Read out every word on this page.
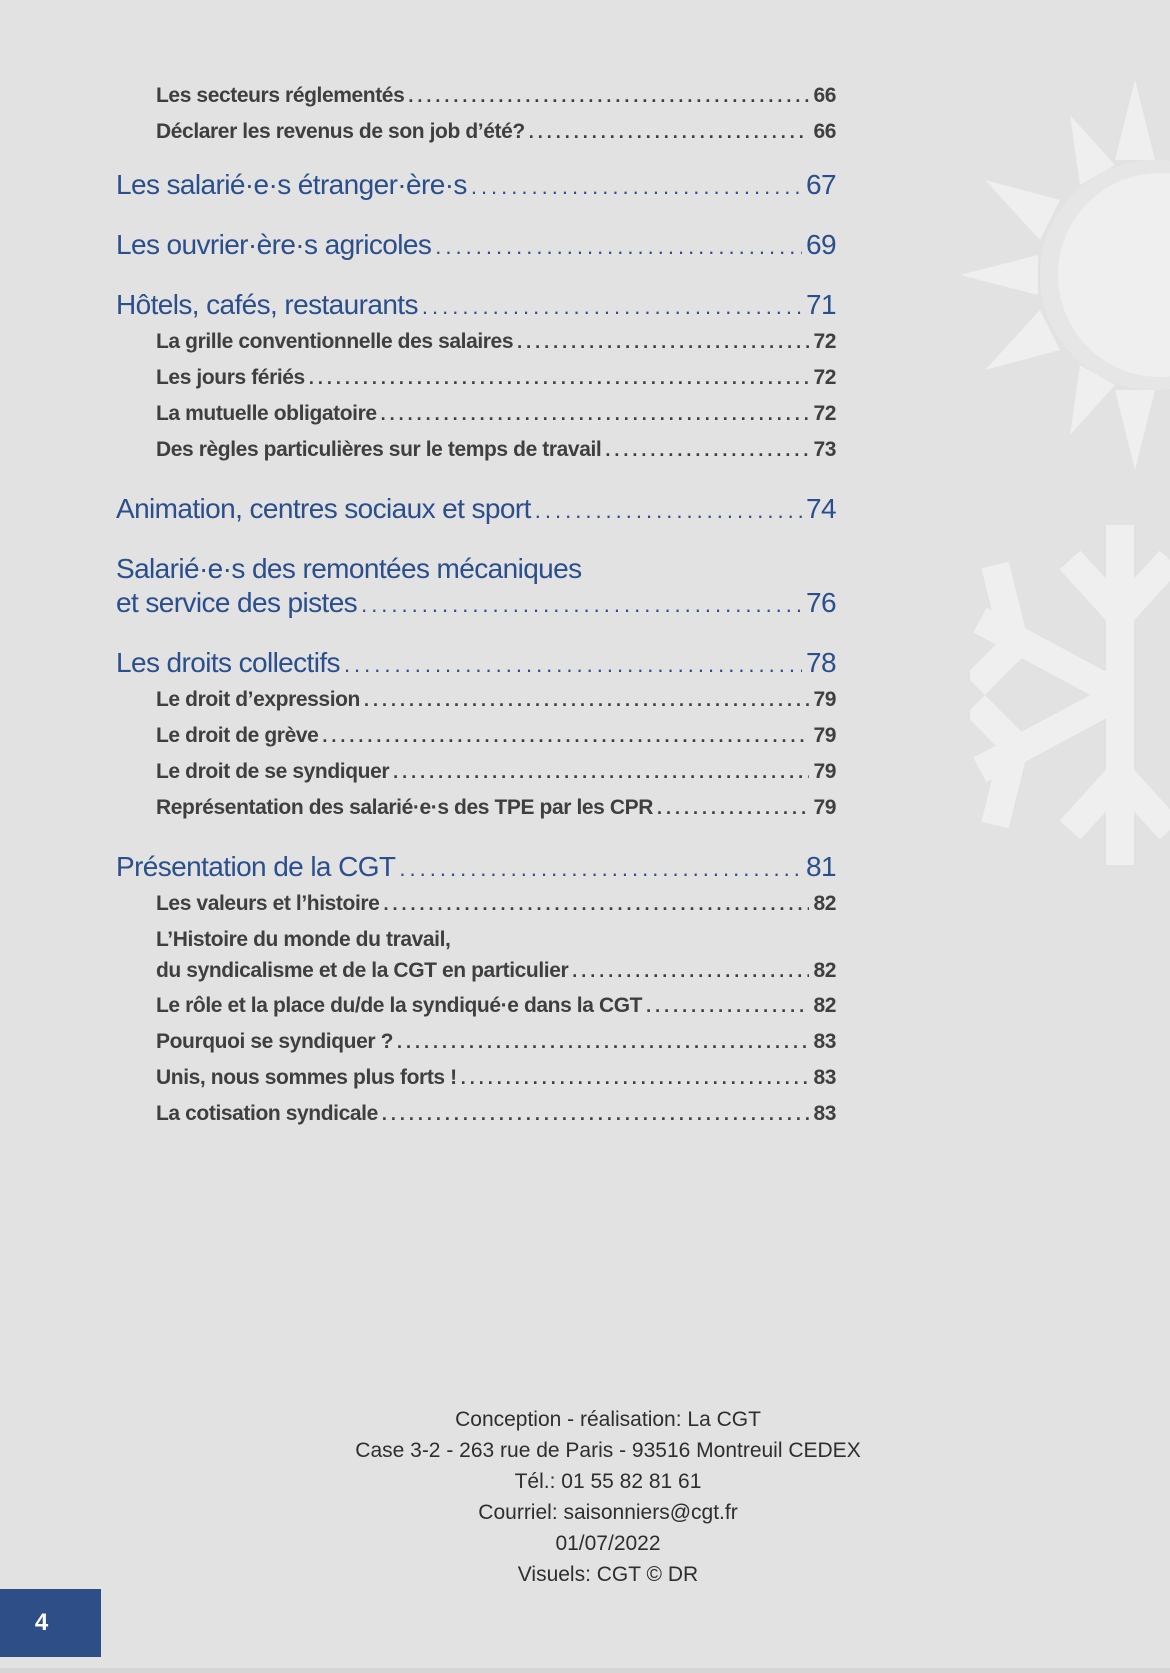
Les secteurs réglementés .....	66
Déclarer les revenus de son job d’été? .....	66
Les salarié·e·s étranger·ère·s .....	67
Les ouvrier·ère·s agricoles .....	69
Hôtels, cafés, restaurants .....	71
La grille conventionnelle des salaires .....	72
Les jours fériés .....	72
La mutuelle obligatoire .....	72
Des règles particulières sur le temps de travail .....	73
Animation, centres sociaux et sport .....	74
Salarié·e·s des remontées mécaniques
et service des pistes .....	76
Les droits collectifs .....	78
Le droit d’expression .....	79
Le droit de grève .....	79
Le droit de se syndiquer .....	79
Représentation des salarié·e·s des TPE par les CPR .....	79
Présentation de la CGT .....	81
Les valeurs et l’histoire .....	82
L’Histoire du monde du travail,
du syndicalisme et de la CGT en particulier .....	82
Le rôle et la place du/de la syndiqué·e dans la CGT .....	82
Pourquoi se syndiquer ? .....	83
Unis, nous sommes plus forts ! .....	83
La cotisation syndicale .....	83
Conception - réalisation: La CGT
Case 3-2 - 263 rue de Paris - 93516 Montreuil CEDEX
Tél.: 01 55 82 81 61
Courriel: saisonniers@cgt.fr
01/07/2022
Visuels: CGT © DR
4
